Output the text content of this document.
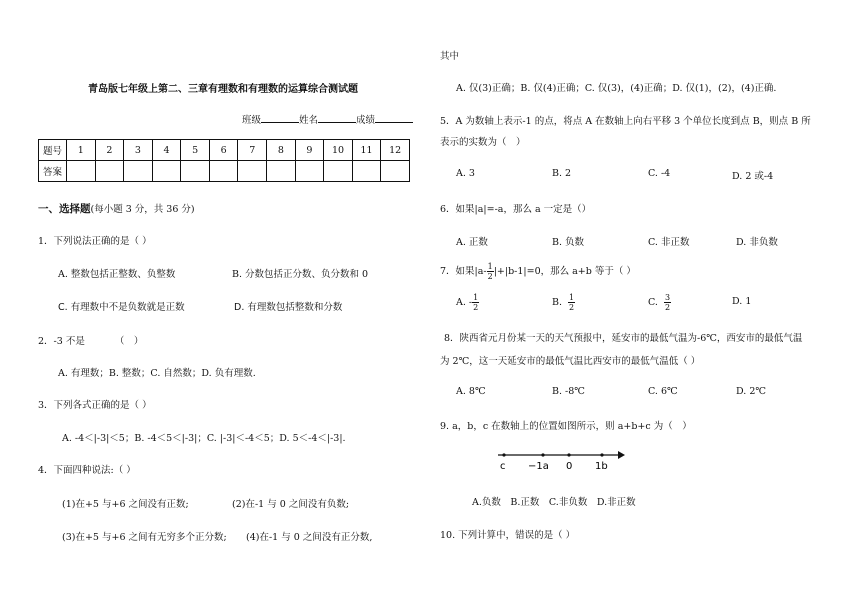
其中
青岛版七年级上第二、三章有理数和有理数的运算综合测试题
班级	姓名	成绩
题号	1	2	3	4	5	6	7	8	9	10	11	12
答案												
一、选择题(每小题 3 分，共 36 分)
1．下列说法正确的是（ ）
A. 整数包括正整数、负整数	B. 分数包括正分数、负分数和 0
C. 有理数中不是负数就是正数	D. 有理数包括整数和分数
2．-3 不是	（　）
A. 有理数；B. 整数；C. 自然数；D. 负有理数.
3．下列各式正确的是（ ）
A. -4＜|-3|＜5；B. -4＜5＜|-3|；C. |-3|＜-4＜5；D. 5＜-4＜|-3|.
4．下面四种说法:（ ）
(1)在+5 与+6 之间没有正数;	(2)在-1 与 0 之间没有负数;
(3)在+5 与+6 之间有无穷多个正分数; (4)在-1 与 0 之间没有正分数,
A. 仅(3)正确；B. 仅(4)正确；C. 仅(3)，(4)正确；D. 仅(1)，(2)，(4)正确.
5．A 为数轴上表示-1 的点，将点 A 在数轴上向右平移 3 个单位长度到点 B，则点 B 所
表示的实数为（　）
A. 3	B. 2	C. -4	D. 2 或-4
6．如果|a|=-a，那么 a 一定是（）
A. 正数	B. 负数	C. 非正数	D. 非负数
7．如果$|a- \frac{1}{2} |+|b-1|=0$，那么 a+b 等于（ ）
A. - $\frac{1}{2}$	B. $\frac{1}{2}$	C. $\frac{3}{2}$	D. 1
8．陕西省元月份某一天的天气预报中，延安市的最低气温为-6℃，西安市的最低气温
为 2℃，这一天延安市的最低气温比西安市的最低气温低（ ）
A. 8℃	B. -8℃	C. 6℃	D. 2℃
9. a，b，c 在数轴上的位置如图所示，则 a+b+c 为（　）
c −1a 0 1b
A.负数　B.正数　C.非负数　D.非正数
10. 下列计算中，错误的是（ ）
